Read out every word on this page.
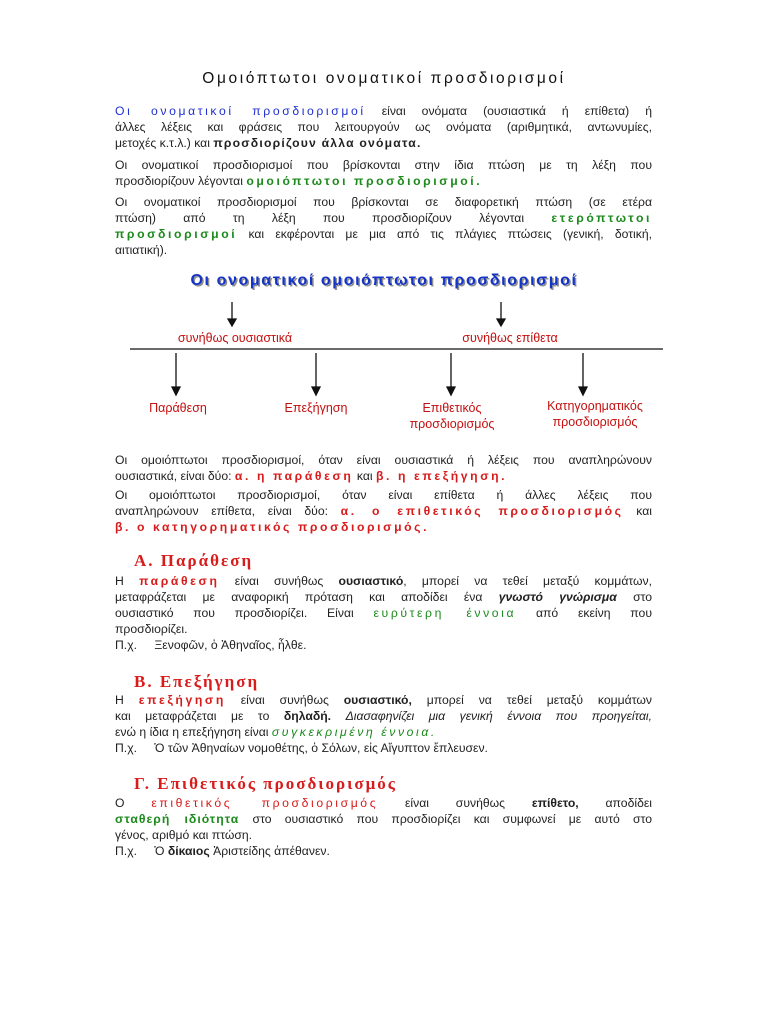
Ομοιόπτωτοι ονοματικοί προσδιορισμοί
Οι ονοματικοί προσδιορισμοί είναι ονόματα (ουσιαστικά ή επίθετα) ή
άλλες λέξεις και φράσεις που λειτουργούν ως ονόματα (αριθμητικά, αντωνυμίες,
μετοχές κ.τ.λ.) και προσδιορίζουν άλλα ονόματα.
Οι ονοματικοί προσδιορισμοί που βρίσκονται στην ίδια πτώση με τη λέξη που
προσδιορίζουν λέγονται ομοιόπτωτοι προσδιορισμοί.
Οι ονοματικοί προσδιορισμοί που βρίσκονται σε διαφορετική πτώση (σε ετέρα
πτώση) από τη λέξη που προσδιορίζουν λέγονται ετερόπτωτοι
προσδιορισμοί και εκφέρονται με μια από τις πλάγιες πτώσεις (γενική, δοτική,
αιτιατική).
Οι ονοματικοί ομοιόπτωτοι προσδιορισμοί
συνήθως ουσιαστικά	συνήθως επίθετα
Παράθεση	Επεξήγηση	Επιθετικός
προσδιορισμός
Κατηγορηματικός
προσδιορισμός
Οι ομοιόπτωτοι προσδιορισμοί, όταν είναι ουσιαστικά ή λέξεις που αναπληρώνουν
ουσιαστικά, είναι δύο: α. η παράθεση και β. η επεξήγηση.
Οι ομοιόπτωτοι προσδιορισμοί, όταν είναι επίθετα ή άλλες λέξεις που
αναπληρώνουν επίθετα, είναι δύο: α. ο επιθετικός προσδιορισμός και
β. ο κατηγορηματικός προσδιορισμός.
Α. Παράθεση
Η παράθεση είναι συνήθως ουσιαστικό, μπορεί να τεθεί μεταξύ κομμάτων,
μεταφράζεται με αναφορική πρόταση και αποδίδει ένα γνωστό γνώρισμα στο
ουσιαστικό που προσδιορίζει. Είναι ευρύτερη έννοια από εκείνη που
προσδιορίζει.
Π.χ. Ξενοφῶν, ὁ Ἀθηναῖος, ἦλθε.
Β. Επεξήγηση
Η επεξήγηση είναι συνήθως ουσιαστικό, μπορεί να τεθεί μεταξύ κομμάτων
και μεταφράζεται με το δηλαδή. Διασαφηνίζει μια γενική έννοια που προηγείται,
ενώ η ίδια η επεξήγηση είναι συγκεκριμένη έννοια.
Π.χ. Ὁ τῶν Ἀθηναίων νομοθέτης, ὁ Σόλων, εἰς Αἴγυπτον ἔπλευσεν.
Γ. Επιθετικός προσδιορισμός
Ο επιθετικός προσδιορισμός είναι συνήθως επίθετο, αποδίδει
σταθερή ιδιότητα στο ουσιαστικό που προσδιορίζει και συμφωνεί με αυτό στο
γένος, αριθμό και πτώση.
Π.χ. Ὁ δίκαιος Ἀριστείδης ἀπέθανεν.
